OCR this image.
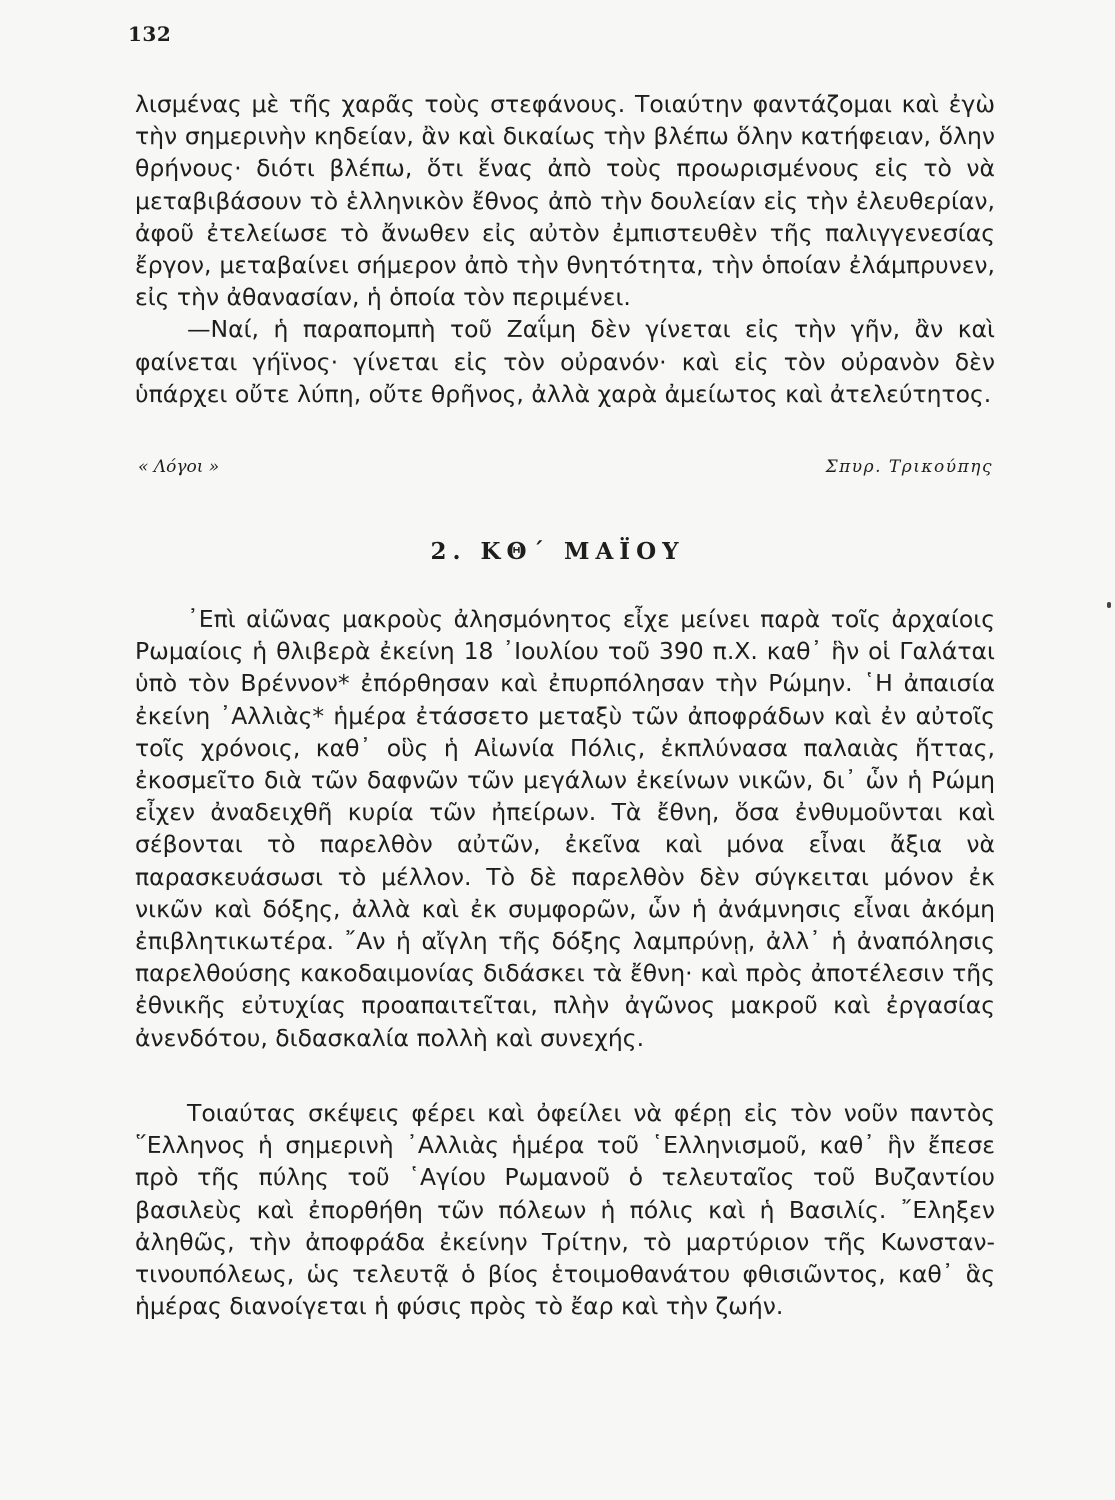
132

λισμένας μὲ τῆς χαρᾶς τοὺς στεφάνους. Τοιαύτην φαντάζομαι καὶ ἐγὼ τὴν σημερινὴν κηδείαν, ἂν καὶ δικαίως τὴν βλέπω ὅλην κατήφειαν, ὅλην θρήνους· διότι βλέπω, ὅτι ἕνας ἀπὸ τοὺς προωρισμένους εἰς τὸ νὰ μεταβιβάσουν τὸ ἑλληνικὸν ἔθνος ἀπὸ τὴν δουλείαν εἰς τὴν ἐλευθερίαν, ἀφοῦ ἐτελείωσε τὸ ἄνωθεν εἰς αὐτὸν ἐμπιστευθὲν τῆς παλιγγενεσίας ἔργον, μεταβαίνει σήμερον ἀπὸ τὴν θνητότητα, τὴν ὁποίαν ἐλάμπρυνεν, εἰς τὴν ἀθανασίαν, ἡ ὁποία τὸν περιμένει.

—Ναί, ἡ παραπομπὴ τοῦ Ζαΐμη δὲν γίνεται εἰς τὴν γῆν, ἂν καὶ φαίνεται γήϊνος· γίνεται εἰς τὸν οὐρανόν· καὶ εἰς τὸν οὐρανὸν δὲν ὑπάρχει οὔτε λύπη, οὔτε θρῆνος, ἀλλὰ χαρὰ ἀμείωτος καὶ ἀτελεύτητος.

« Λόγοι »	Σπυρ. Τρικούπης
2. ΚΘ΄ ΜΑΪΟΥ

᾿Επὶ αἰῶνας μακροὺς ἀλησμόνητος εἶχε μείνει παρὰ τοῖς ἀρχαίοις Ρωμαίοις ἡ θλιβερὰ ἐκείνη 18 ᾿Ιουλίου τοῦ 390 π.Χ. καθ᾿ ἣν οἱ Γαλάται ὑπὸ τὸν Βρέννον* ἐπόρθησαν καὶ ἐπυρπόλησαν τὴν Ρώμην. ῾Η ἀπαισία ἐκείνη ᾿Αλλιὰς* ἡμέρα ἐτάσσετο μεταξὺ τῶν ἀποφράδων καὶ ἐν αὐτοῖς τοῖς χρόνοις, καθ᾿ οὓς ἡ Αἰωνία Πόλις, ἐκπλύνασα παλαιὰς ἥττας, ἐκοσμεῖτο διὰ τῶν δαφνῶν τῶν μεγάλων ἐκείνων νικῶν, δι᾿ ὧν ἡ Ρώμη εἶχεν ἀναδειχθῆ κυρία τῶν ἠπείρων. Τὰ ἔθνη, ὅσα ἐνθυμοῦνται καὶ σέβονται τὸ παρελθὸν αὐτῶν, ἐκεῖνα καὶ μόνα εἶναι ἄξια νὰ παρασκευάσωσι τὸ μέλλον. Τὸ δὲ παρελθὸν δὲν σύγκειται μόνον ἐκ νικῶν καὶ δόξης, ἀλλὰ καὶ ἐκ συμφορῶν, ὧν ἡ ἀνάμνησις εἶναι ἀκόμη ἐπιβλητικωτέρα. ῎Αν ἡ αἴγλη τῆς δόξης λαμπρύνῃ, ἀλλ᾿ ἡ ἀναπόλησις παρελθούσης κακοδαιμονίας διδάσκει τὰ ἔθνη· καὶ πρὸς ἀποτέλεσιν τῆς ἐθνικῆς εὐτυχίας προαπαιτεῖται, πλὴν ἀγῶνος μακροῦ καὶ ἐργασίας ἀνενδότου, διδασκαλία πολλὴ καὶ συνεχής.

Τοιαύτας σκέψεις φέρει καὶ ὀφείλει νὰ φέρῃ εἰς τὸν νοῦν παντὸς ῞Ελληνος ἡ σημερινὴ ᾿Αλλιὰς ἡμέρα τοῦ ῾Ελληνισμοῦ, καθ᾿ ἣν ἔπεσε πρὸ τῆς πύλης τοῦ ῾Αγίου Ρωμανοῦ ὁ τελευταῖος τοῦ Βυζαντίου βασιλεὺς καὶ ἐπορθήθη τῶν πόλεων ἡ πόλις καὶ ἡ Βασιλίς. ῎Εληξεν ἀληθῶς, τὴν ἀποφράδα ἐκείνην Τρίτην, τὸ μαρτύριον τῆς Κωνσταντινουπόλεως, ὡς τελευτᾷ ὁ βίος ἑτοιμοθανάτου φθισιῶντος, καθ᾿ ἃς ἡμέρας διανοίγεται ἡ φύσις πρὸς τὸ ἔαρ καὶ τὴν ζωήν.
